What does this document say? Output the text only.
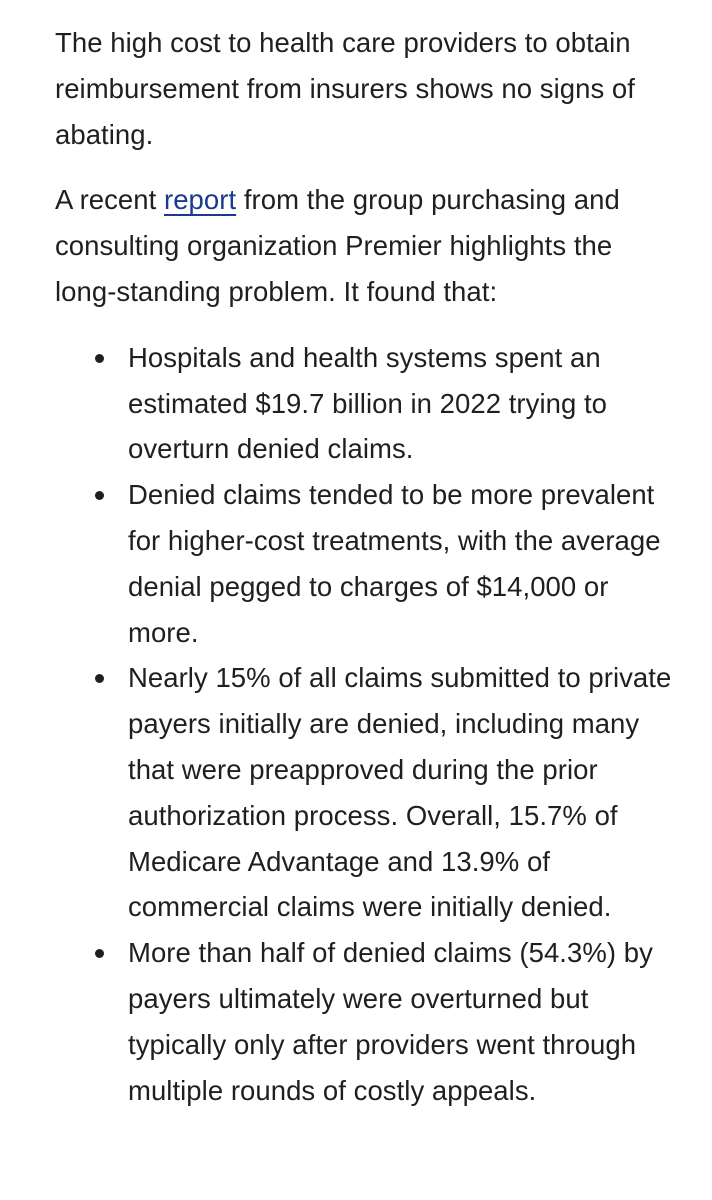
The high cost to health care providers to obtain reimbursement from insurers shows no signs of abating.

A recent report from the group purchasing and consulting organization Premier highlights the long-standing problem. It found that:

Hospitals and health systems spent an estimated $19.7 billion in 2022 trying to overturn denied claims.
Denied claims tended to be more prevalent for higher-cost treatments, with the average denial pegged to charges of $14,000 or more.
Nearly 15% of all claims submitted to private payers initially are denied, including many that were preapproved during the prior authorization process. Overall, 15.7% of Medicare Advantage and 13.9% of commercial claims were initially denied.
More than half of denied claims (54.3%) by payers ultimately were overturned but typically only after providers went through multiple rounds of costly appeals.
